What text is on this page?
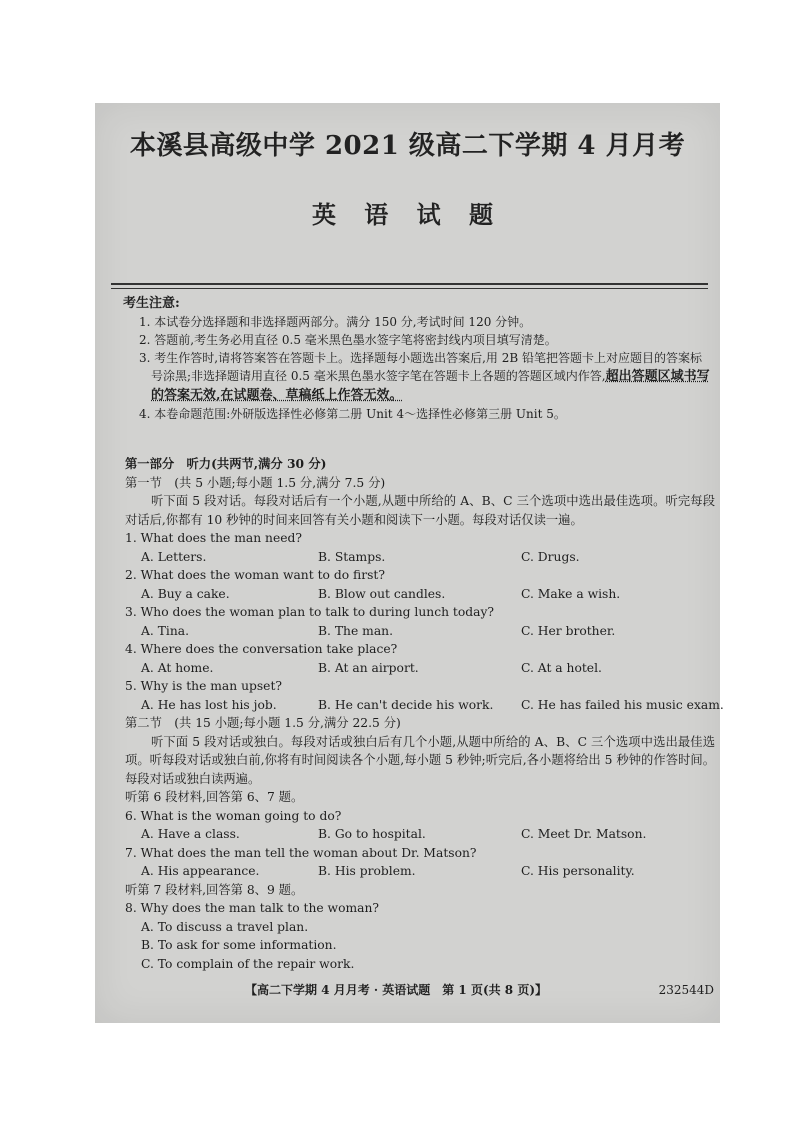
本溪县高级中学 2021 级高二下学期 4 月月考
英 语 试 题
考生注意:
1. 本试卷分选择题和非选择题两部分。满分 150 分,考试时间 120 分钟。
2. 答题前,考生务必用直径 0.5 毫米黑色墨水签字笔将密封线内项目填写清楚。
3. 考生作答时,请将答案答在答题卡上。选择题每小题选出答案后,用 2B 铅笔把答题卡上对应题目的答案标号涂黑;非选择题请用直径 0.5 毫米黑色墨水签字笔在答题卡上各题的答题区域内作答,超出答题区域书写的答案无效,在试题卷、草稿纸上作答无效。
4. 本卷命题范围:外研版选择性必修第二册 Unit 4～选择性必修第三册 Unit 5。
第一部分　听力(共两节,满分 30 分)
第一节　(共 5 小题;每小题 1.5 分,满分 7.5 分)
听下面 5 段对话。每段对话后有一个小题,从题中所给的 A、B、C 三个选项中选出最佳选项。听完每段对话后,你都有 10 秒钟的时间来回答有关小题和阅读下一小题。每段对话仅读一遍。
1. What does the man need?
A. Letters.	B. Stamps.	C. Drugs.
2. What does the woman want to do first?
A. Buy a cake.	B. Blow out candles.	C. Make a wish.
3. Who does the woman plan to talk to during lunch today?
A. Tina.	B. The man.	C. Her brother.
4. Where does the conversation take place?
A. At home.	B. At an airport.	C. At a hotel.
5. Why is the man upset?
A. He has lost his job.	B. He can't decide his work. C. He has failed his music exam.
第二节　(共 15 小题;每小题 1.5 分,满分 22.5 分)
听下面 5 段对话或独白。每段对话或独白后有几个小题,从题中所给的 A、B、C 三个选项中选出最佳选项。听每段对话或独白前,你将有时间阅读各个小题,每小题 5 秒钟;听完后,各小题将给出 5 秒钟的作答时间。每段对话或独白读两遍。
听第 6 段材料,回答第 6、7 题。
6. What is the woman going to do?
A. Have a class.	B. Go to hospital.	C. Meet Dr. Matson.
7. What does the man tell the woman about Dr. Matson?
A. His appearance.	B. His problem.	C. His personality.
听第 7 段材料,回答第 8、9 题。
8. Why does the man talk to the woman?
A. To discuss a travel plan.
B. To ask for some information.
C. To complain of the repair work.
【高二下学期 4 月月考 · 英语试题　第 1 页(共 8 页)】	232544D
